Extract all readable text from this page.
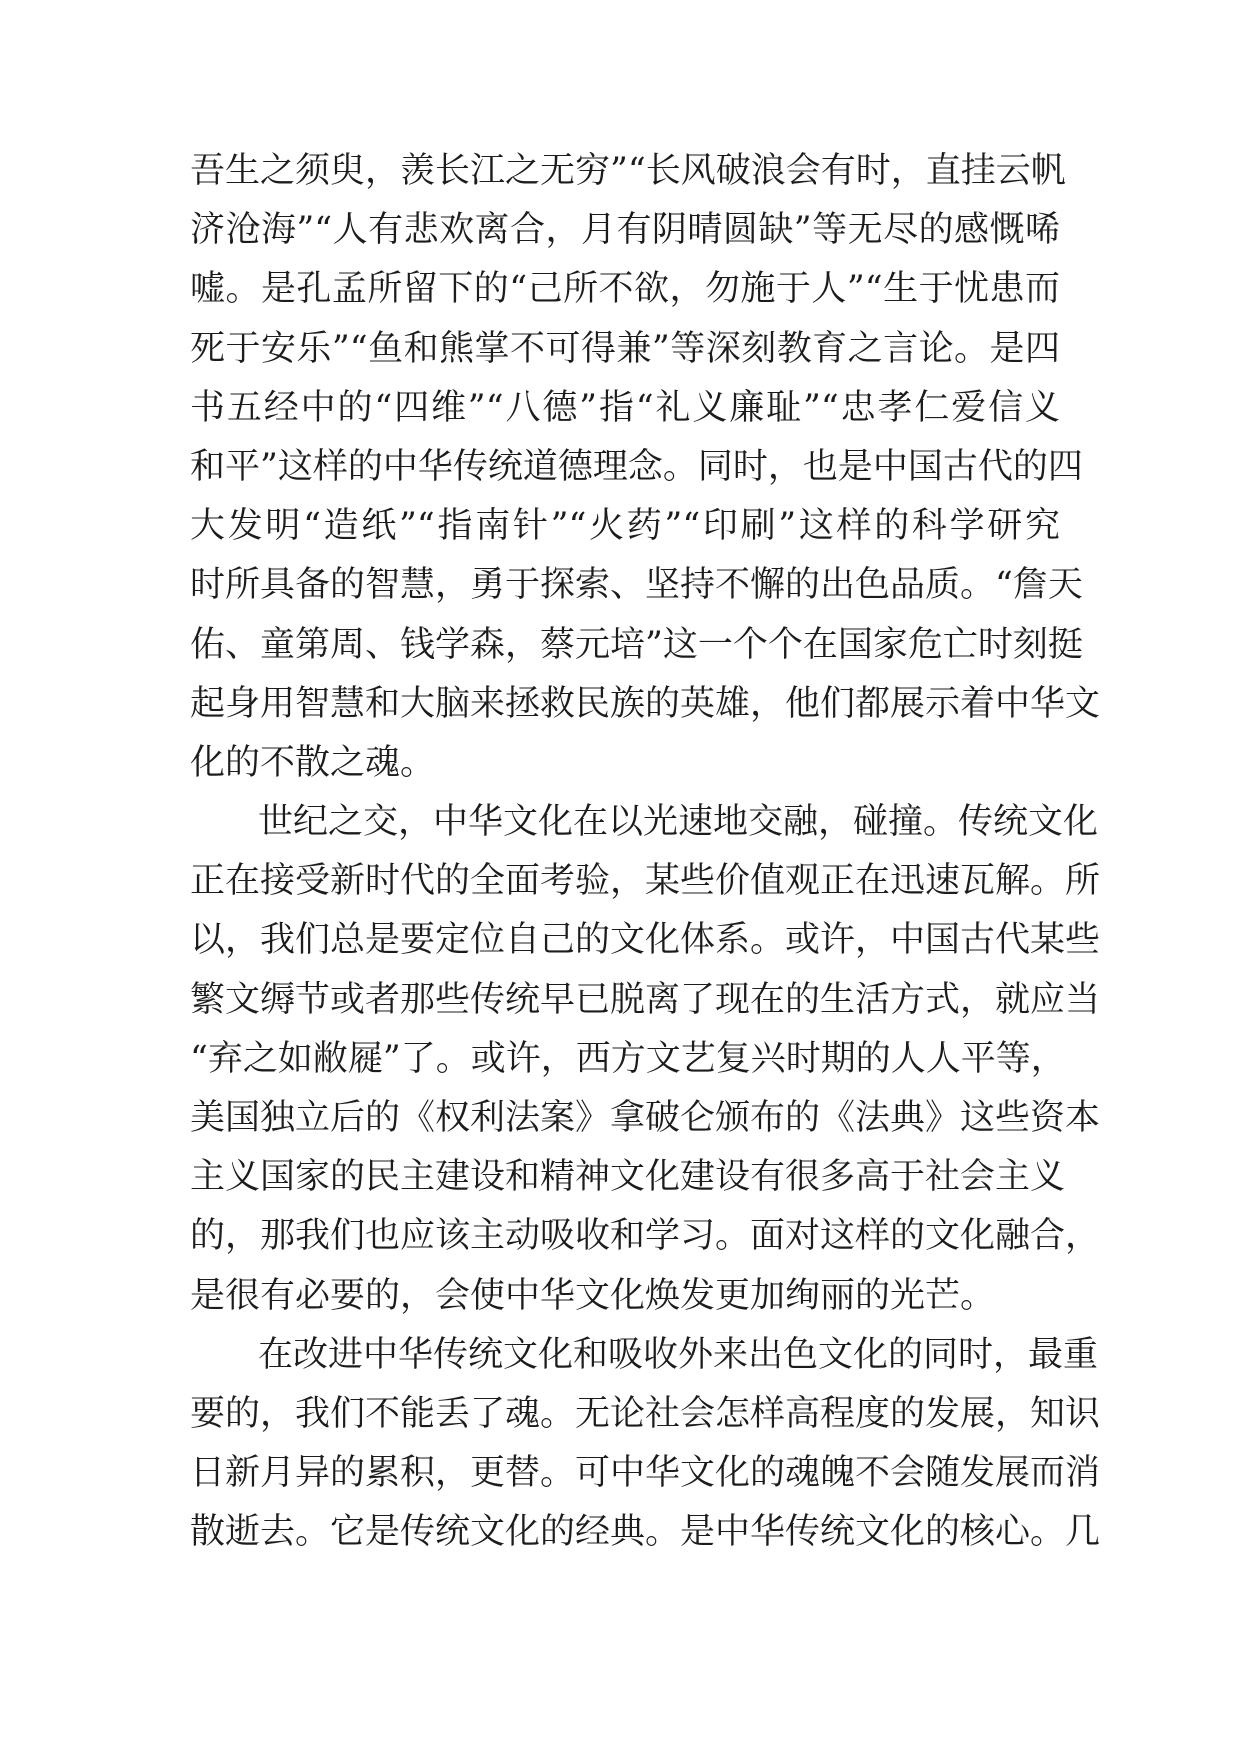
吾生之须臾，羡长江之无穷”“长风破浪会有时，直挂云帆
济沧海”“人有悲欢离合，月有阴晴圆缺”等无尽的感慨唏
嘘。是孔孟所留下的“己所不欲，勿施于人”“生于忧患而
死于安乐”“鱼和熊掌不可得兼”等深刻教育之言论。是四
书五经中的“四维”“八德”指“礼义廉耻”“忠孝仁爱信义
和平”这样的中华传统道德理念。同时，也是中国古代的四
大发明“造纸”“指南针”“火药”“印刷”这样的科学研究
时所具备的智慧，勇于探索、坚持不懈的出色品质。“詹天
佑、童第周、钱学森，蔡元培”这一个个在国家危亡时刻挺
起身用智慧和大脑来拯救民族的英雄，他们都展示着中华文
化的不散之魂。
世纪之交，中华文化在以光速地交融，碰撞。传统文化
正在接受新时代的全面考验，某些价值观正在迅速瓦解。所
以，我们总是要定位自己的文化体系。或许，中国古代某些
繁文缛节或者那些传统早已脱离了现在的生活方式，就应当
“弃之如敝屣”了。或许，西方文艺复兴时期的人人平等，
美国独立后的《权利法案》拿破仑颁布的《法典》这些资本
主义国家的民主建设和精神文化建设有很多高于社会主义
的，那我们也应该主动吸收和学习。面对这样的文化融合，
是很有必要的，会使中华文化焕发更加绚丽的光芒。
在改进中华传统文化和吸收外来出色文化的同时，最重
要的，我们不能丢了魂。无论社会怎样高程度的发展，知识
日新月异的累积，更替。可中华文化的魂魄不会随发展而消
散逝去。它是传统文化的经典。是中华传统文化的核心。几
